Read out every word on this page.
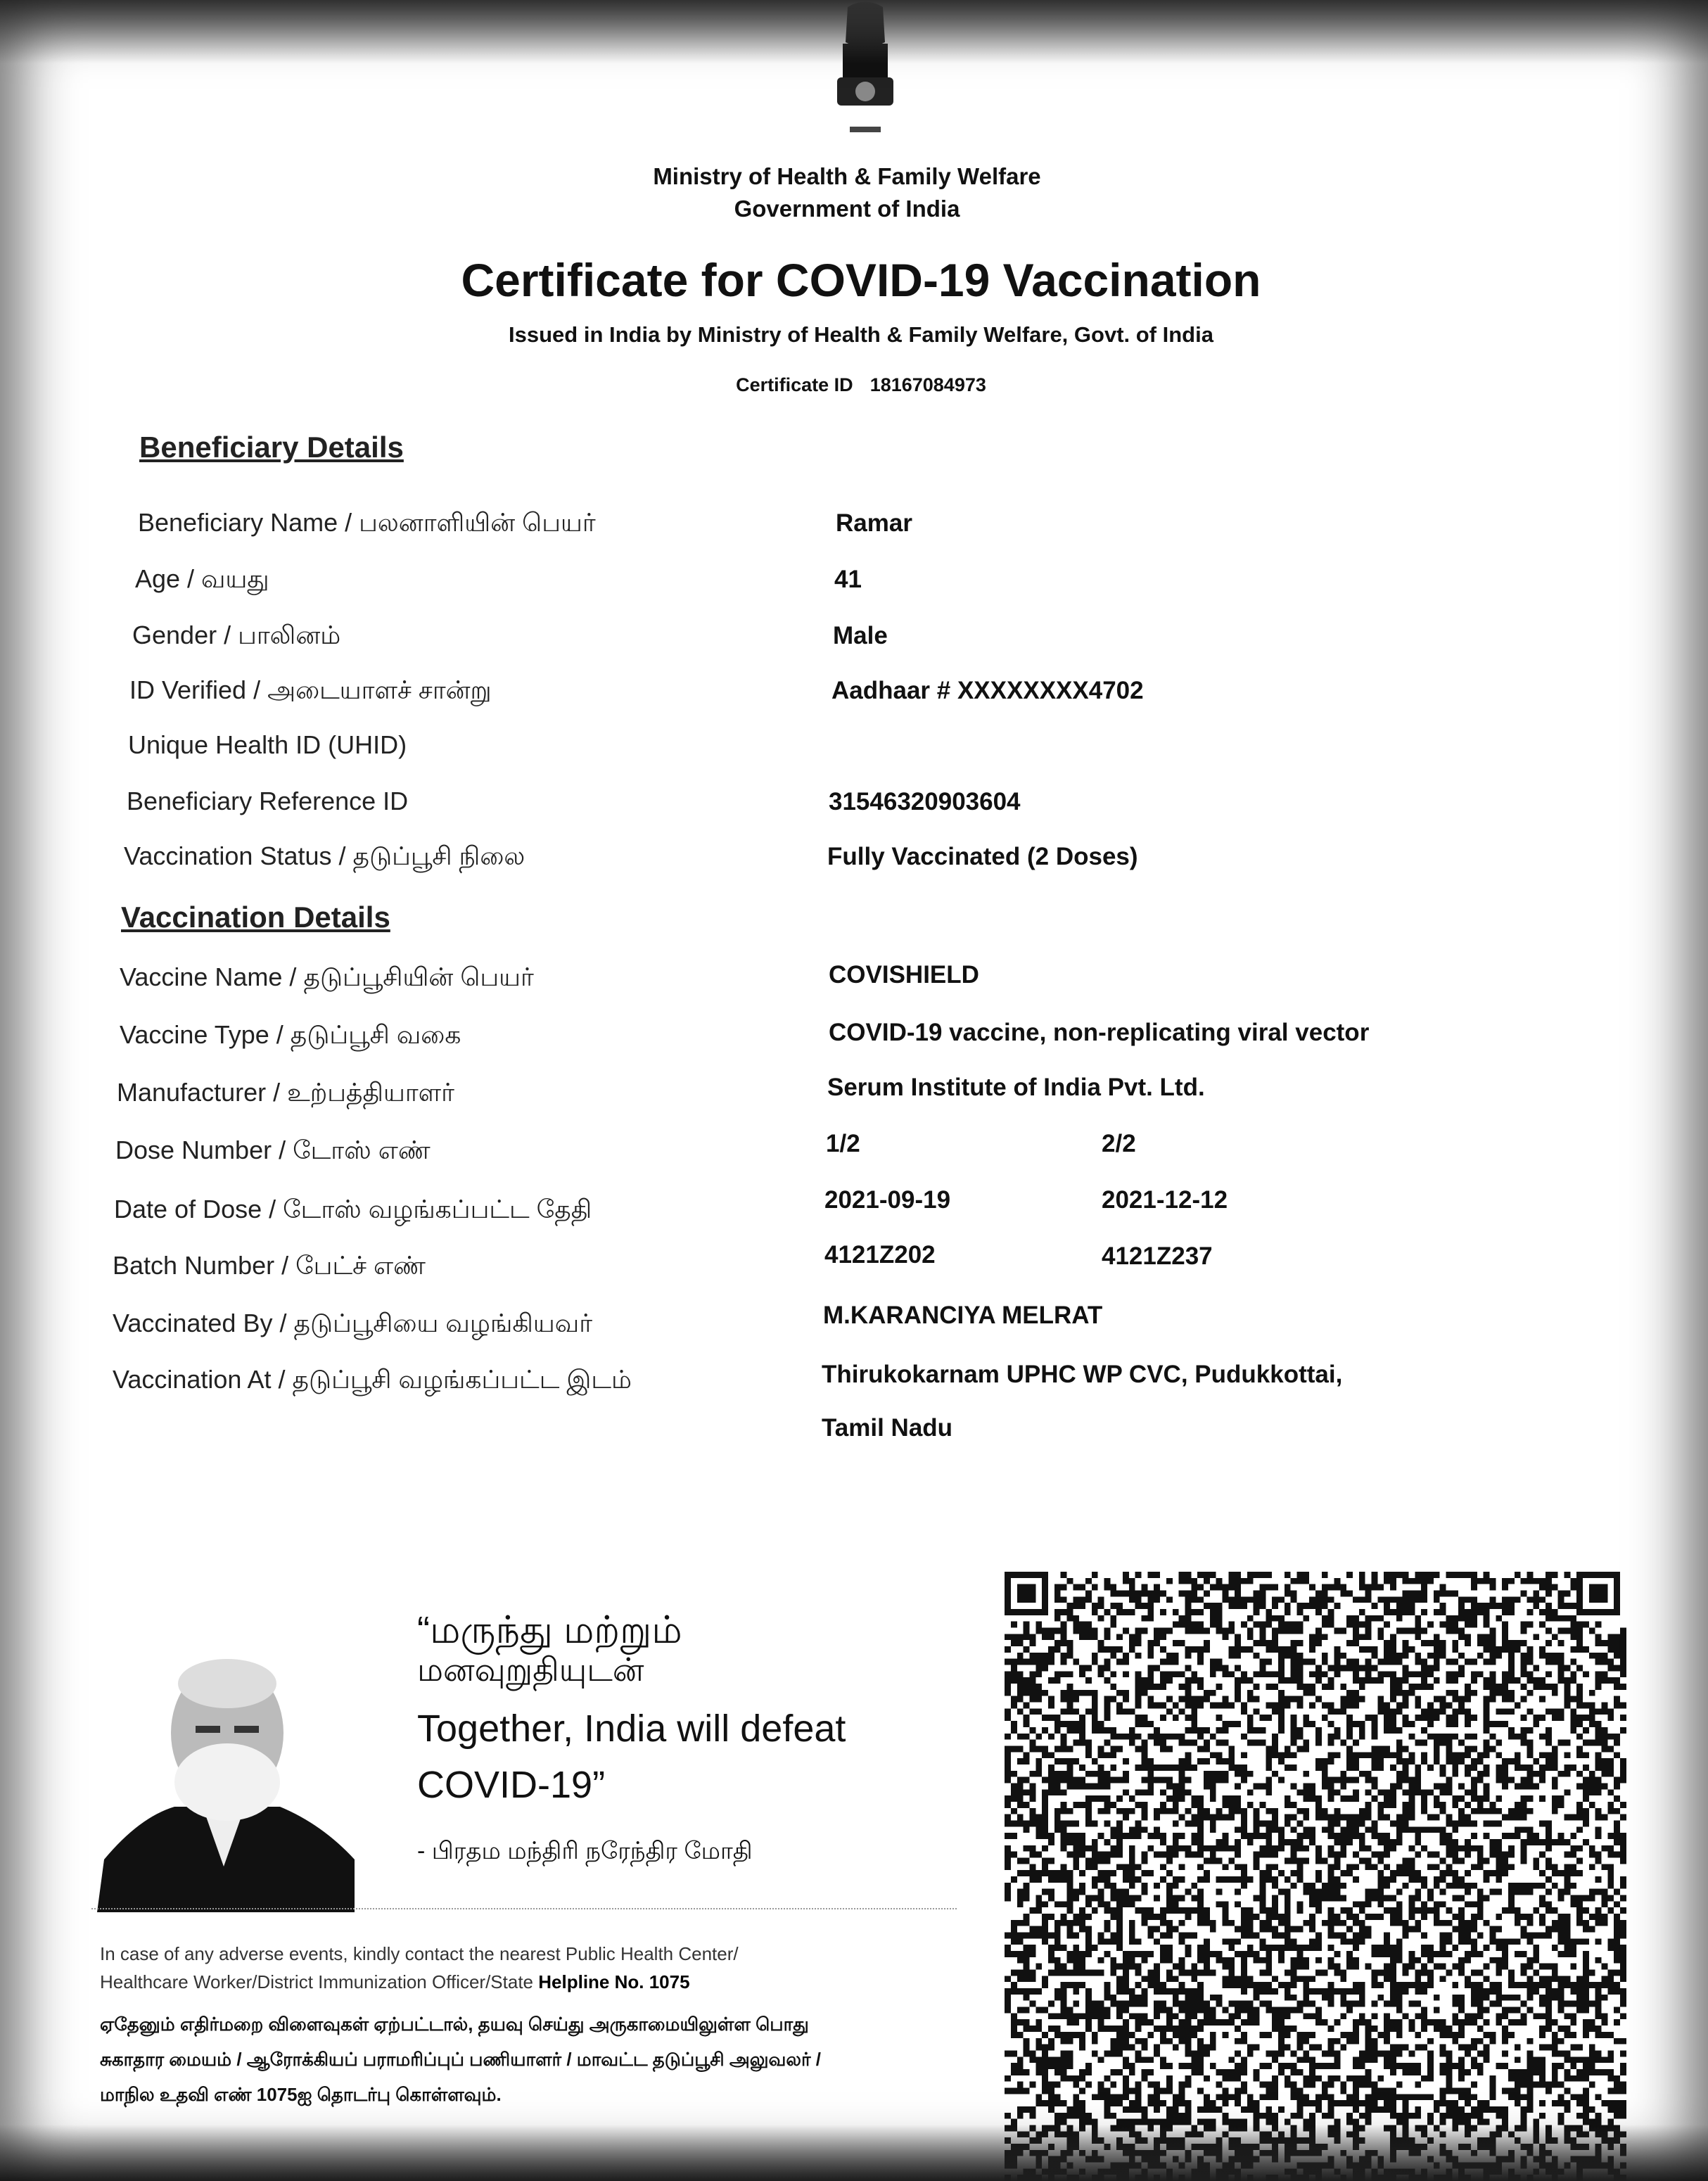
Ministry of Health & Family Welfare
Government of India
Certificate for COVID-19 Vaccination
Issued in India by Ministry of Health & Family Welfare, Govt. of India
Certificate ID 18167084973
Beneficiary Details
Beneficiary Name / பலனாளியின் பெயர்	Ramar
Age / வயது	41
Gender / பாலினம்	Male
ID Verified / அடையாளச் சான்று	Aadhaar # XXXXXXXX4702
Unique Health ID (UHID)
Beneficiary Reference ID	31546320903604
Vaccination Status / தடுப்பூசி நிலை	Fully Vaccinated (2 Doses)
Vaccination Details
Vaccine Name / தடுப்பூசியின் பெயர்	COVISHIELD
Vaccine Type / தடுப்பூசி வகை	COVID-19 vaccine, non-replicating viral vector
Manufacturer / உற்பத்தியாளர்	Serum Institute of India Pvt. Ltd.
Dose Number / டோஸ் எண்	1/2	2/2
Date of Dose / டோஸ் வழங்கப்பட்ட தேதி	2021-09-19	2021-12-12
Batch Number / பேட்ச் எண்	4121Z202	4121Z237
Vaccinated By / தடுப்பூசியை வழங்கியவர்	M.KARANCIYA MELRAT
Vaccination At / தடுப்பூசி வழங்கப்பட்ட இடம்	Thirukokarnam UPHC WP CVC, Pudukkottai,
Tamil Nadu
“மருந்து மற்றும்
மனவுறுதியுடன்
Together, India will defeat
COVID-19”
- பிரதம மந்திரி நரேந்திர மோதி
In case of any adverse events, kindly contact the nearest Public Health Center/
Healthcare Worker/District Immunization Officer/State Helpline No. 1075
ஏதேனும் எதிர்மறை விளைவுகள் ஏற்பட்டால், தயவு செய்து அருகாமையிலுள்ள பொது
சுகாதார மையம் / ஆரோக்கியப் பராமரிப்புப் பணியாளர் / மாவட்ட தடுப்பூசி அலுவலர் /
மாநில உதவி எண் 1075ஐ தொடர்பு கொள்ளவும்.
